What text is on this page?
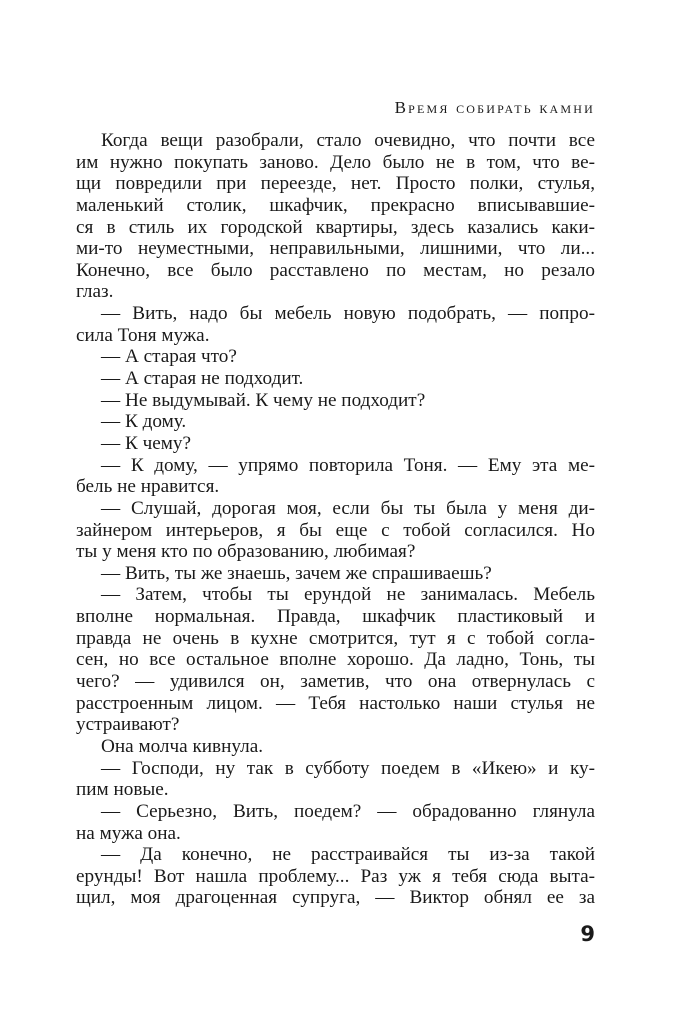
Время собирать камни
Когда вещи разобрали, стало очевидно, что почти все
им нужно покупать заново. Дело было не в том, что ве-
щи повредили при переезде, нет. Просто полки, стулья,
маленький столик, шкафчик, прекрасно вписывавшие-
ся в стиль их городской квартиры, здесь казались каки-
ми-то неуместными, неправильными, лишними, что ли...
Конечно, все было расставлено по местам, но резало
глаз.
— Вить, надо бы мебель новую подобрать, — попро-
сила Тоня мужа.
— А старая что?
— А старая не подходит.
— Не выдумывай. К чему не подходит?
— К дому.
— К чему?
— К дому, — упрямо повторила Тоня. — Ему эта ме-
бель не нравится.
— Слушай, дорогая моя, если бы ты была у меня ди-
зайнером интерьеров, я бы еще с тобой согласился. Но
ты у меня кто по образованию, любимая?
— Вить, ты же знаешь, зачем же спрашиваешь?
— Затем, чтобы ты ерундой не занималась. Мебель
вполне нормальная. Правда, шкафчик пластиковый и
правда не очень в кухне смотрится, тут я с тобой согла-
сен, но все остальное вполне хорошо. Да ладно, Тонь, ты
чего? — удивился он, заметив, что она отвернулась с
расстроенным лицом. — Тебя настолько наши стулья не
устраивают?
Она молча кивнула.
— Господи, ну так в субботу поедем в «Икею» и ку-
пим новые.
— Серьезно, Вить, поедем? — обрадованно глянула
на мужа она.
— Да конечно, не расстраивайся ты из-за такой
ерунды! Вот нашла проблему... Раз уж я тебя сюда выта-
щил, моя драгоценная супруга, — Виктор обнял ее за
9
